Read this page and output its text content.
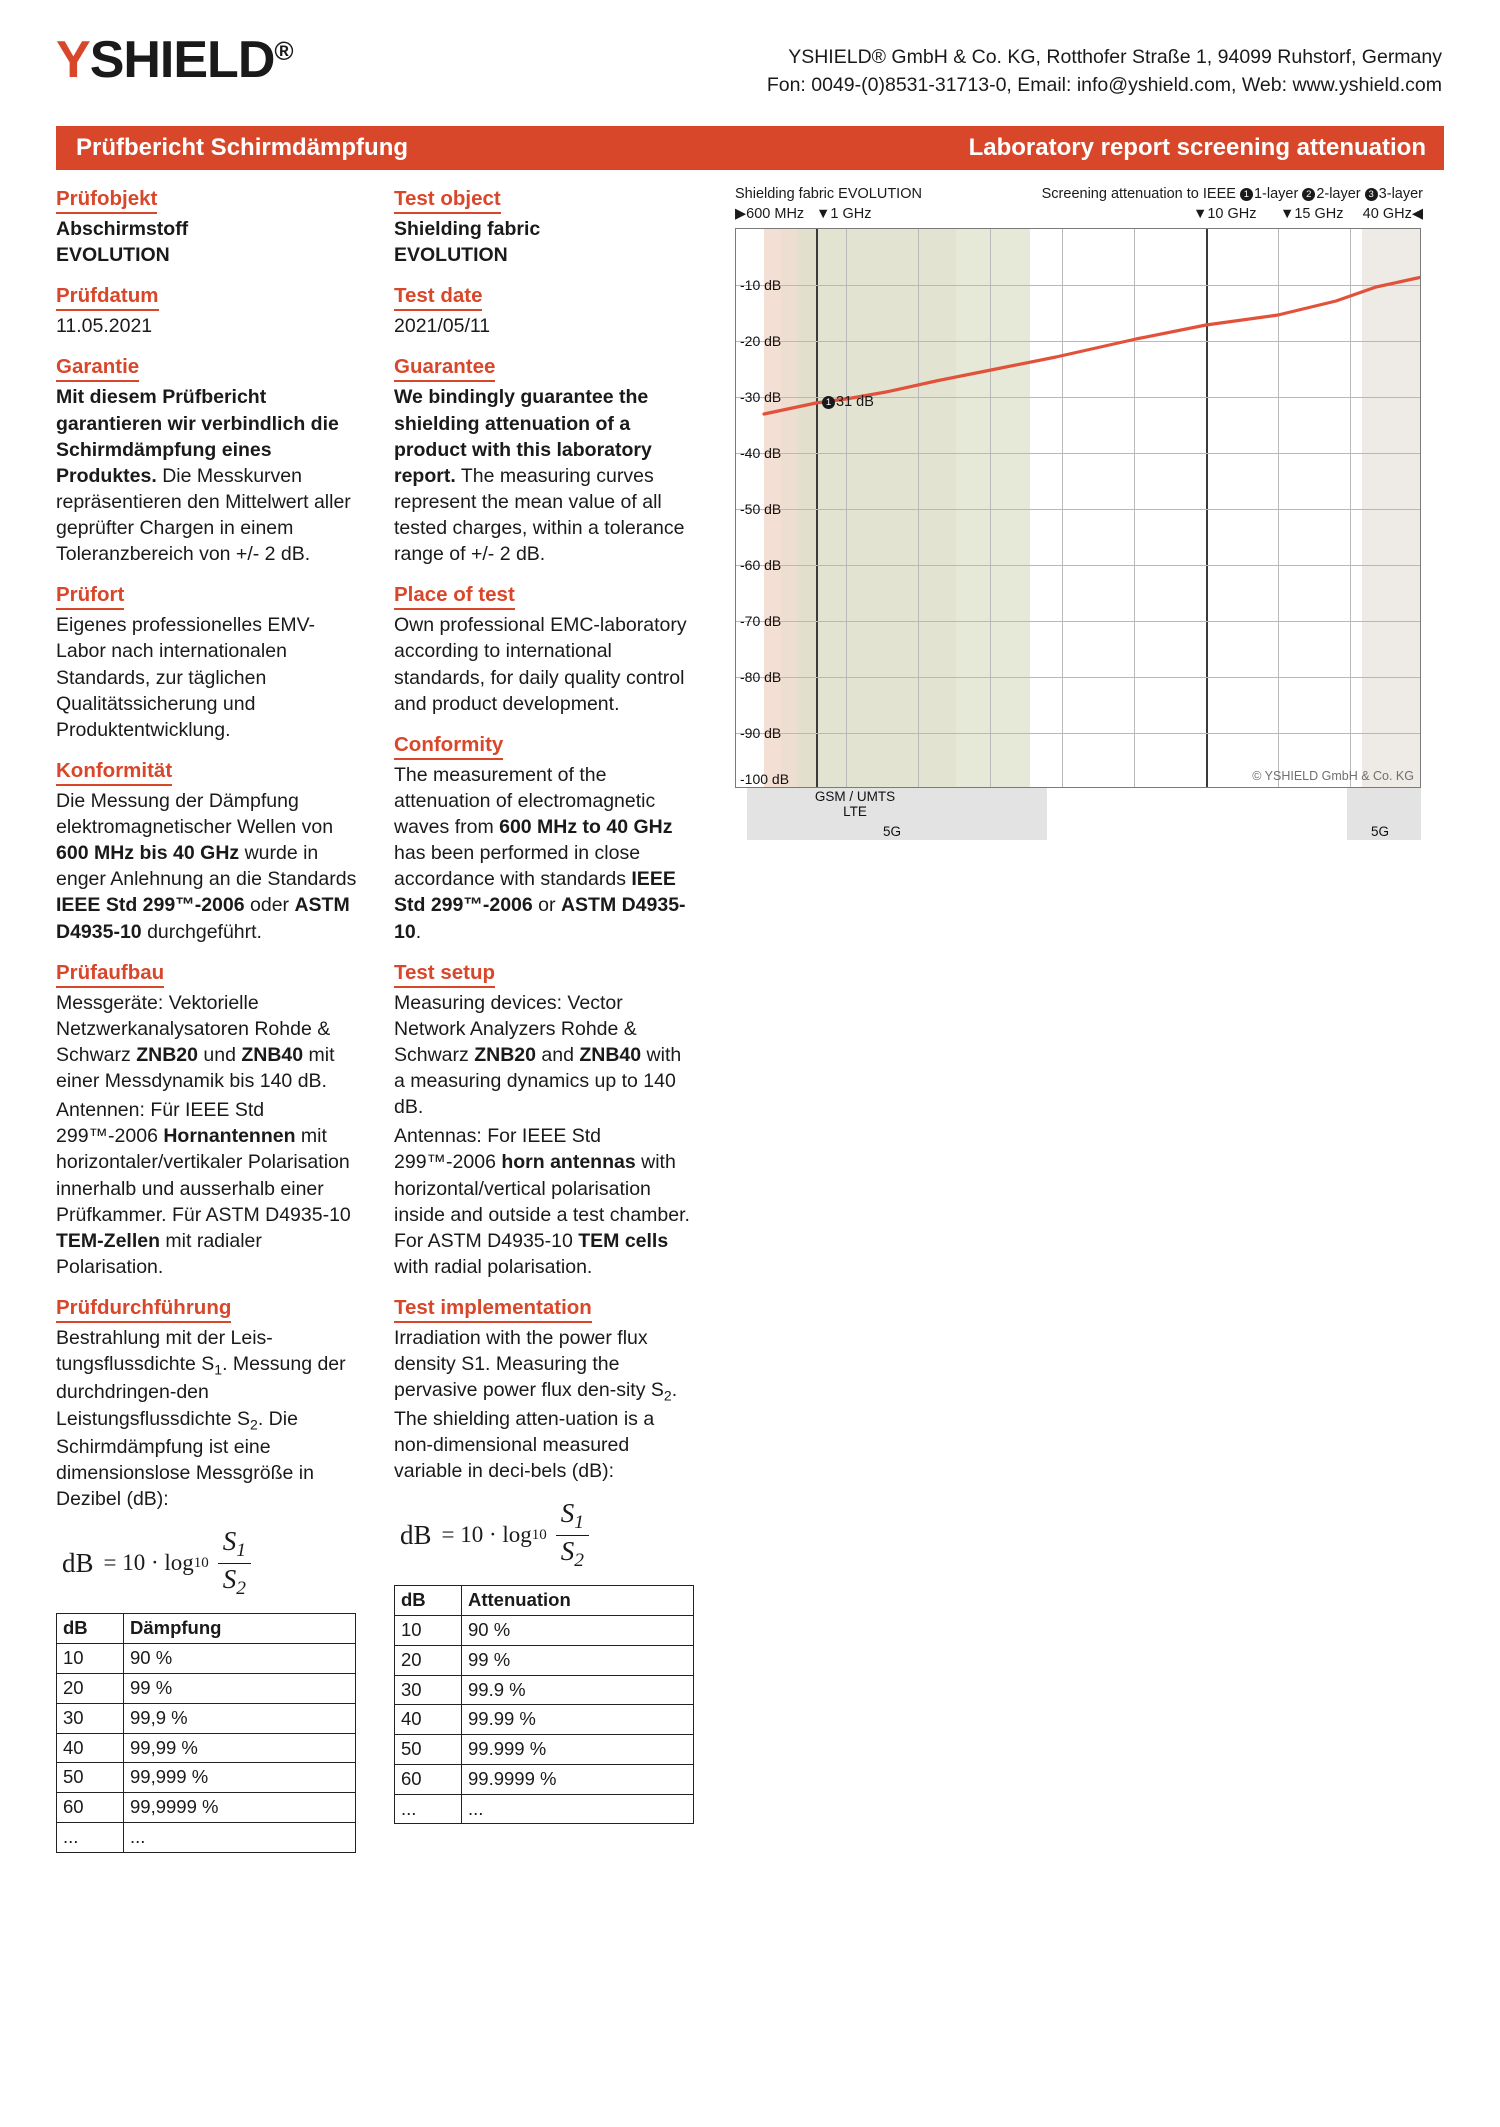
YSHIELD®	YSHIELD® GmbH & Co. KG, Rotthofer Straße 1, 94099 Ruhstorf, Germany
Fon: 0049-(0)8531-31713-0, Email: info@yshield.com, Web: www.yshield.com
Prüfbericht Schirmdämpfung	Laboratory report screening attenuation
Prüfobjekt

Abschirmstoff
EVOLUTION

Prüfdatum

11.05.2021

Garantie

Mit diesem Prüfbericht garantieren wir verbindlich die Schirmdämpfung eines Produktes. Die Messkurven repräsentieren den Mittelwert aller geprüfter Chargen in einem Toleranzbereich von +/- 2 dB.

Prüfort

Eigenes professionelles EMV-Labor nach internationalen Standards, zur täglichen Qualitätssicherung und Produktentwicklung.

Konformität

Die Messung der Dämpfung elektromagnetischer Wellen von 600 MHz bis 40 GHz wurde in enger Anlehnung an die Standards IEEE Std 299™-2006 oder ASTM D4935-10 durchgeführt.

Prüfaufbau

Messgeräte: Vektorielle Netzwerkanalysatoren Rohde & Schwarz ZNB20 und ZNB40 mit einer Messdynamik bis 140 dB.

Antennen: Für IEEE Std 299™-2006 Hornantennen mit horizontaler/vertikaler Polarisation innerhalb und ausserhalb einer Prüfkammer. Für ASTM D4935-10 TEM-Zellen mit radialer Polarisation.

Prüfdurchführung

Bestrahlung mit der Leis-tungsflussdichte $S_1$. Messung der durchdringen-den Leistungsflussdichte $S_2$. Die Schirmdämpfung ist eine dimensionslose Messgröße in Dezibel (dB):

dB = $10 \cdot \log 10 \frac{S_1}{S_2}$
dB	Dämpfung
10	90 %
20	99 %
30	99,9 %
40	99,99 %
50	99,999 %
60	99,9999 %
...	...
Test object

Shielding fabric
EVOLUTION

Test date

2021/05/11

Guarantee

We bindingly guarantee the shielding attenuation of a product with this laboratory report. The measuring curves represent the mean value of all tested charges, within a tolerance range of +/- 2 dB.

Place of test

Own professional EMC-laboratory according to international standards, for daily quality control and product development.

Conformity

The measurement of the attenuation of electromagnetic waves from 600 MHz to 40 GHz has been performed in close accordance with standards IEEE Std 299™-2006 or ASTM D4935-10.

Test setup

Measuring devices: Vector Network Analyzers Rohde & Schwarz ZNB20 and ZNB40 with a measuring dynamics up to 140 dB.

Antennas: For IEEE Std 299™-2006 horn antennas with horizontal/vertical polarisation inside and outside a test chamber. For ASTM D4935-10 TEM cells with radial polarisation.

Test implementation

Irradiation with the power flux density S1. Measuring the pervasive power flux den-sity $S_2$. The shielding atten-uation is a non-dimensional measured variable in deci-bels (dB):

dB = $10 \cdot \log 10 \frac{S_1}{S_2}$
dB	Attenuation
10	90 %
20	99 %
30	99.9 %
40	99.99 %
50	99.999 %
60	99.9999 %
...	...
Shielding fabric EVOLUTION	Screening attenuation to IEEE 1 1-layer 2 2-layer 3 3-layer
▶600 MHz ▼1 GHz	▼10 GHz ▼15 GHz 40 GHz◀
-10 dB
-20 dB
-30 dB
-40 dB
-50 dB
-60 dB
-70 dB
-80 dB
-90 dB
-100 dB
1 31 dB
© YSHIELD GmbH & Co. KG
GSM / UMTS
LTE
5G	5G
